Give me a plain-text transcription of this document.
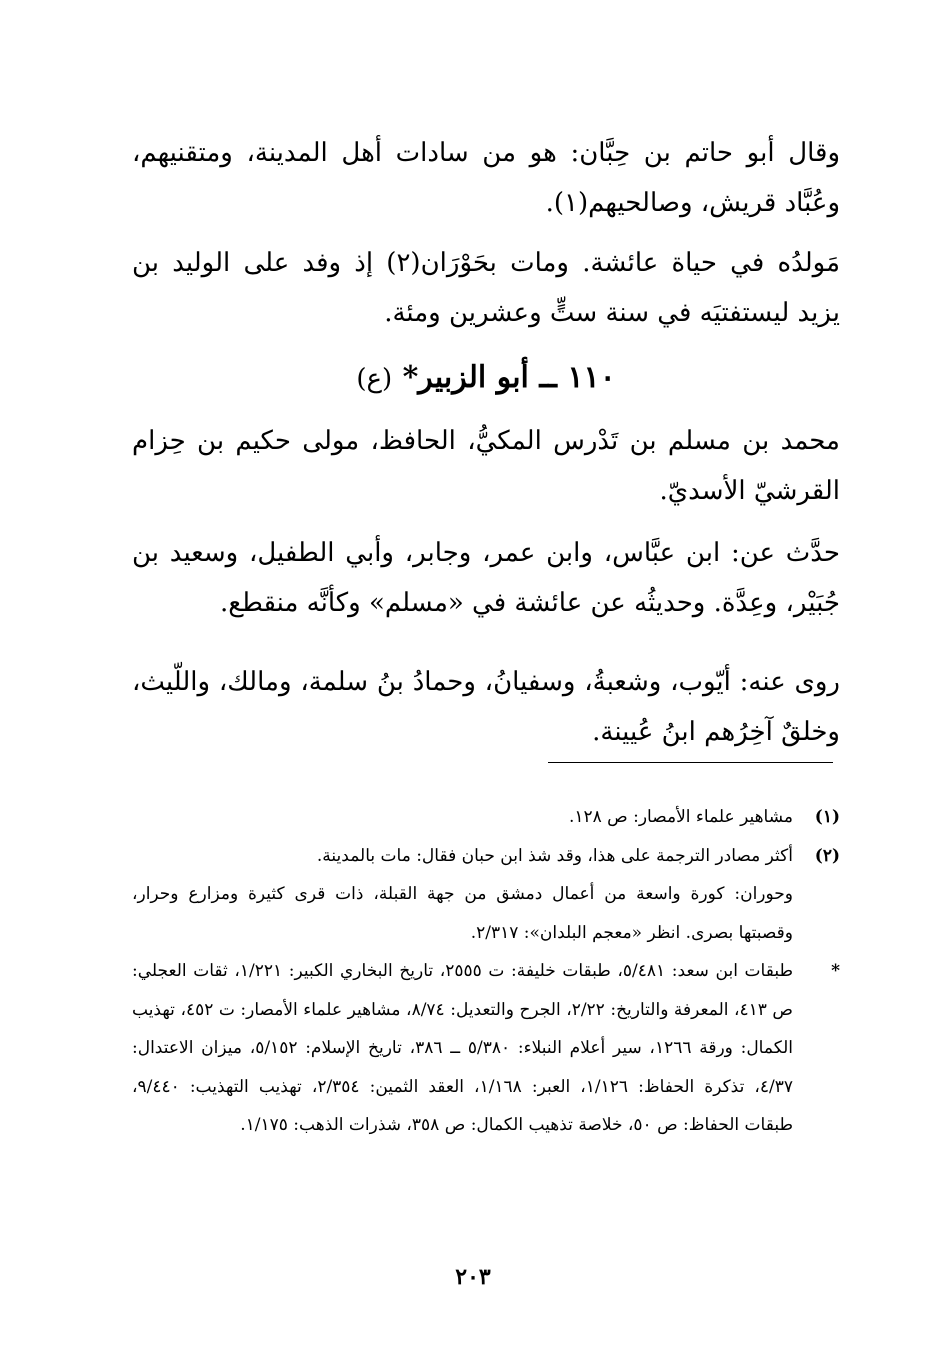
وقال أبو حاتم بن حِبَّان: هو من سادات أهل المدينة، ومتقنيهم، وعُبَّاد قريش، وصالحيهم(١).

مَولدُه في حياة عائشة. ومات بحَوْرَان(٢) إذ وفد على الوليد بن يزيد ليستفتيَه في سنة ستٍّ وعشرين ومئة.

١١٠ ــ أبو الزبير* (ع)

محمد بن مسلم بن تَدْرس المكيُّ، الحافظ، مولى حكيم بن حِزام القرشيّ الأسديّ.

حدَّث عن: ابن عبَّاس، وابن عمر، وجابر، وأبي الطفيل، وسعيد بن جُبَيْر، وعِدَّة. وحديثُه عن عائشة في «مسلم» وكأنَّه منقطع.

روى عنه: أيّوب، وشعبةُ، وسفيانُ، وحمادُ بنُ سلمة، ومالك، واللّيث، وخلقٌ آخِرُهم ابنُ عُيينة.

(١)
مشاهير علماء الأمصار: ص ١٢٨.
(٢)
أكثر مصادر الترجمة على هذا، وقد شذ ابن حبان فقال: مات بالمدينة.
وحوران: كورة واسعة من أعمال دمشق من جهة القبلة، ذات قرى كثيرة ومزارع وحرار، وقصبتها بصرى. انظر «معجم البلدان»: ٢/٣١٧.
*
طبقات ابن سعد: ٥/٤٨١، طبقات خليفة: ت ٢٥٥٥، تاريخ البخاري الكبير: ١/٢٢١، ثقات العجلي: ص ٤١٣، المعرفة والتاريخ: ٢/٢٢، الجرح والتعديل: ٨/٧٤، مشاهير علماء الأمصار: ت ٤٥٢، تهذيب الكمال: ورقة ١٢٦٦، سير أعلام النبلاء: ٥/٣٨٠ ــ ٣٨٦، تاريخ الإسلام: ٥/١٥٢، ميزان الاعتدال: ٤/٣٧، تذكرة الحفاظ: ١/١٢٦، العبر: ١/١٦٨، العقد الثمين: ٢/٣٥٤، تهذيب التهذيب: ٩/٤٤٠، طبقات الحفاظ: ص ٥٠، خلاصة تذهيب الكمال: ص ٣٥٨، شذرات الذهب: ١/١٧٥.
٢٠٣
